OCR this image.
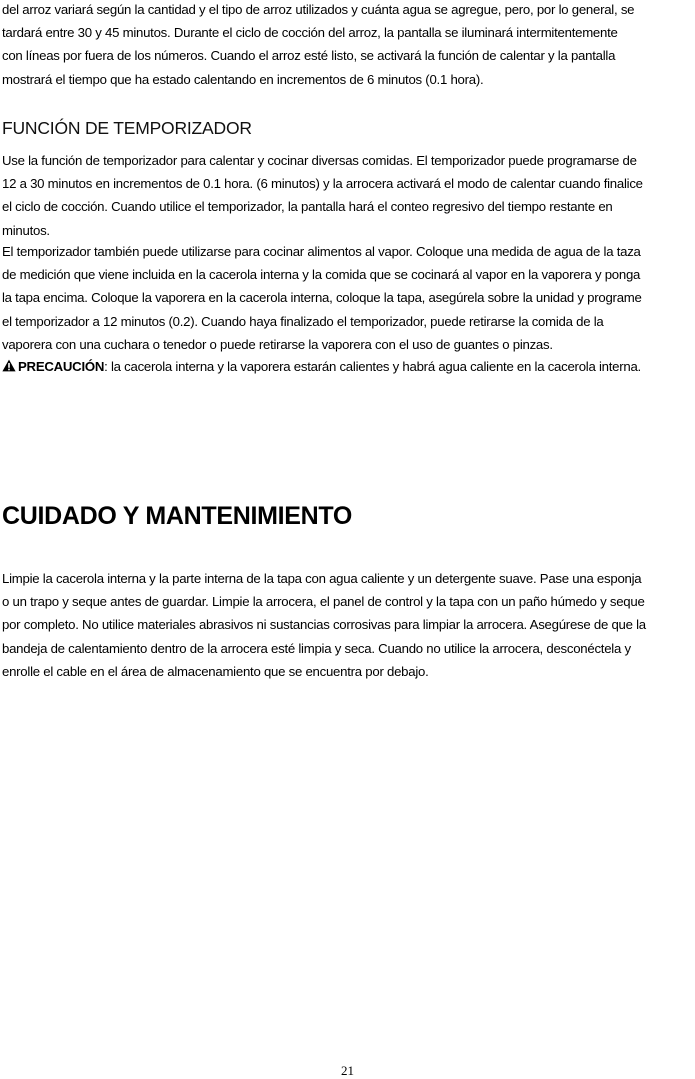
del arroz variará según la cantidad y el tipo de arroz utilizados y cuánta agua se agregue, pero, por lo general, se
tardará entre 30 y 45 minutos. Durante el ciclo de cocción del arroz, la pantalla se iluminará intermitentemente
con líneas por fuera de los números. Cuando el arroz esté listo, se activará la función de calentar y la pantalla
mostrará el tiempo que ha estado calentando en incrementos de 6 minutos (0.1 hora).

FUNCIÓN DE TEMPORIZADOR

Use la función de temporizador para calentar y cocinar diversas comidas. El temporizador puede programarse de
12 a 30 minutos en incrementos de 0.1 hora. (6 minutos) y la arrocera activará el modo de calentar cuando finalice
el ciclo de cocción. Cuando utilice el temporizador, la pantalla hará el conteo regresivo del tiempo restante en
minutos.

El temporizador también puede utilizarse para cocinar alimentos al vapor. Coloque una medida de agua de la taza
de medición que viene incluida en la cacerola interna y la comida que se cocinará al vapor en la vaporera y ponga
la tapa encima. Coloque la vaporera en la cacerola interna, coloque la tapa, asegúrela sobre la unidad y programe
el temporizador a 12 minutos (0.2). Cuando haya finalizado el temporizador, puede retirarse la comida de la
vaporera con una cuchara o tenedor o puede retirarse la vaporera con el uso de guantes o pinzas.

PRECAUCIÓN: la cacerola interna y la vaporera estarán calientes y habrá agua caliente en la cacerola interna.

CUIDADO Y MANTENIMIENTO

Limpie la cacerola interna y la parte interna de la tapa con agua caliente y un detergente suave. Pase una esponja
o un trapo y seque antes de guardar. Limpie la arrocera, el panel de control y la tapa con un paño húmedo y seque
por completo. No utilice materiales abrasivos ni sustancias corrosivas para limpiar la arrocera. Asegúrese de que la
bandeja de calentamiento dentro de la arrocera esté limpia y seca. Cuando no utilice la arrocera, desconéctela y
enrolle el cable en el área de almacenamiento que se encuentra por debajo.

21
